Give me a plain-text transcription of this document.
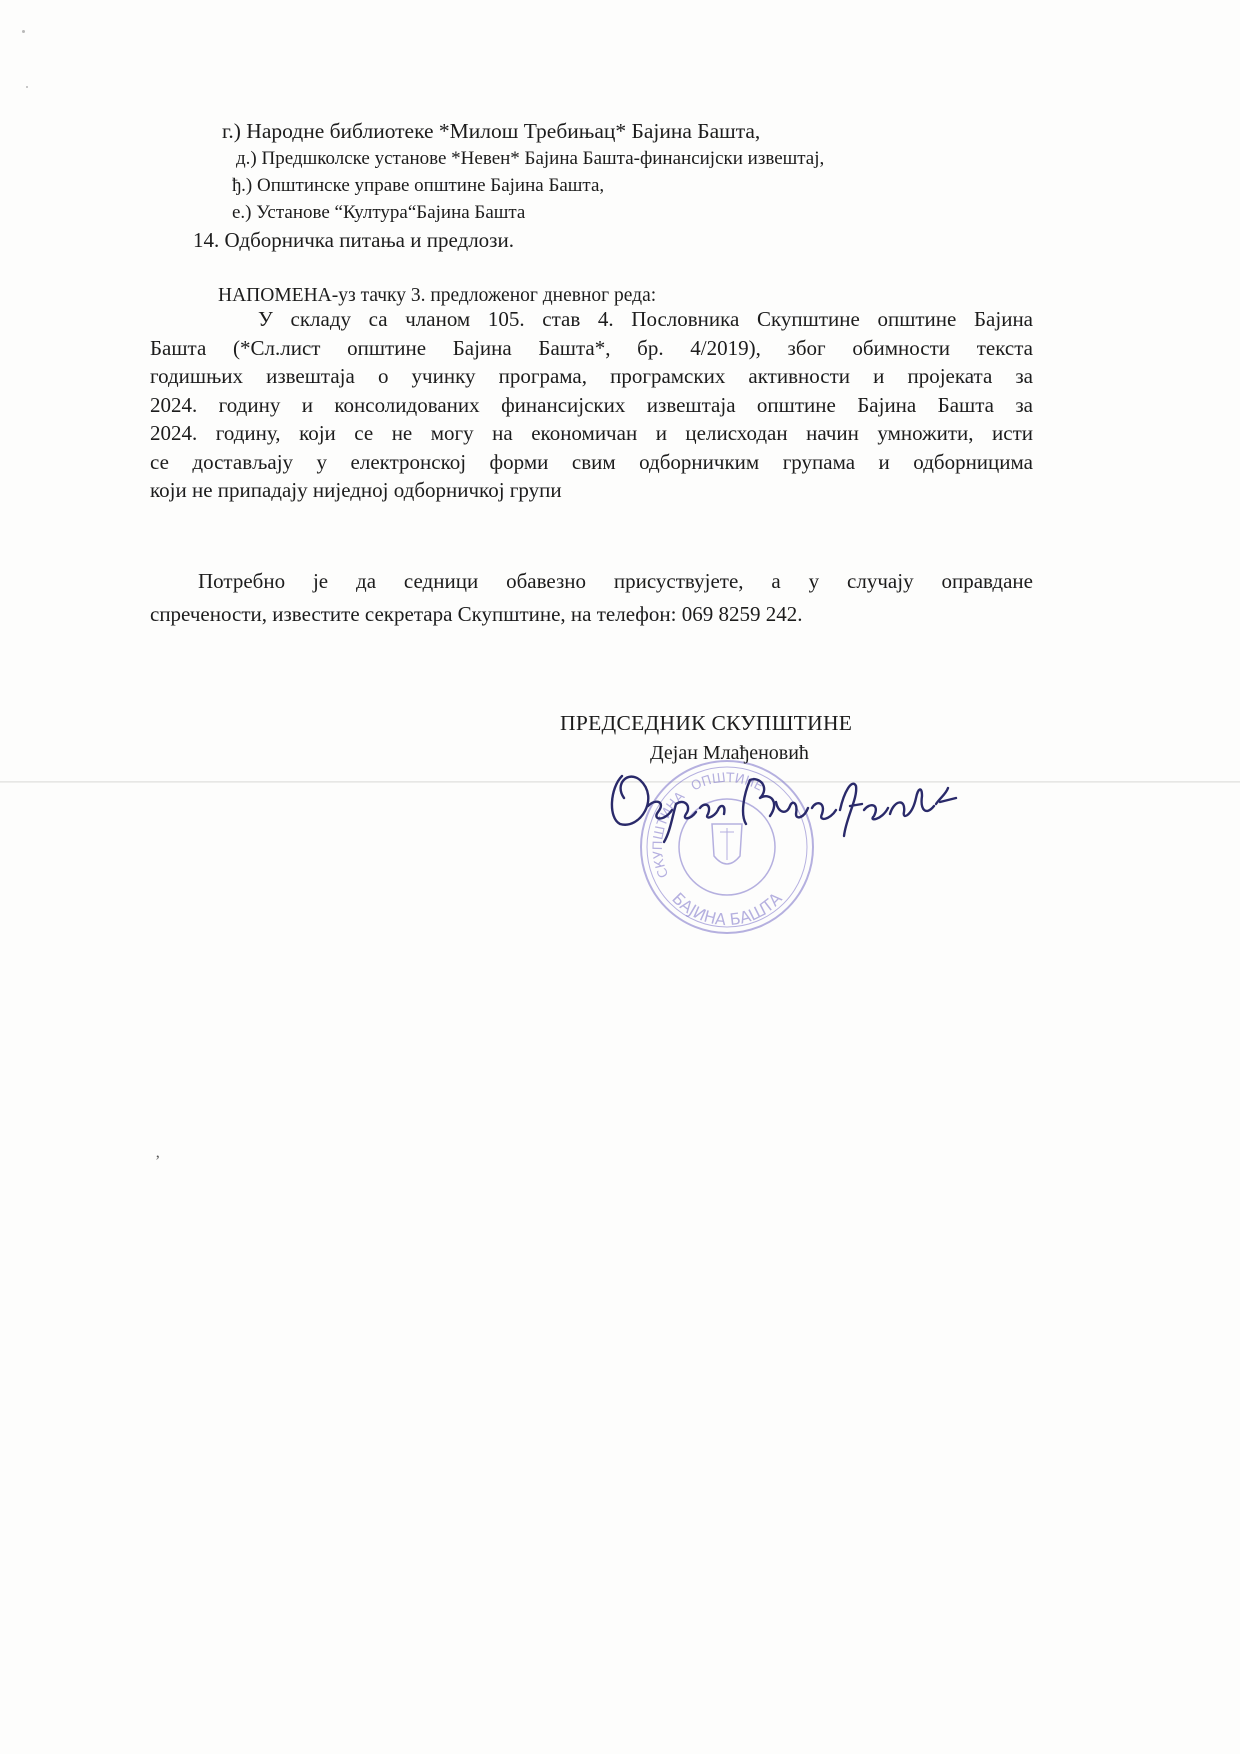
г.) Народне библиотеке *Милош Требињац* Бајина Башта,
д.) Предшколске установе *Невен* Бајина Башта-финансијски извештај,
ђ.) Општинске управе општине Бајина Башта,
е.) Установе “Култура“Бајина Башта
14. Одборничка питања и предлози.
НАПОМЕНА-уз тачку 3. предложеног дневног реда:
У складу са чланом 105. став 4. Пословника Скупштине општине Бајина
Башта (*Сл.лист општине Бајина Башта*, бр. 4/2019), због обимности текста
годишњих извештаја о учинку програма, програмских активности и пројеката за
2024. годину и консолидованих финансијских извештаја општине Бајина Башта за
2024. годину, који се не могу на економичан и целисходан начин умножити, исти
се достављају у електронској форми свим одборничким групама и одборницима
који не припадају ниједној одборничкој групи
Потребно је да седници обавезно присуствујете, а у случају оправдане
спречености, известите секретара Скупштине, на телефон: 069 8259 242.
ПРЕДСЕДНИК СКУПШТИНЕ
ОПШТИНЕ
СКУПШТИНА
БАЈИНА БАШТА
Дејан Млађеновић
’
